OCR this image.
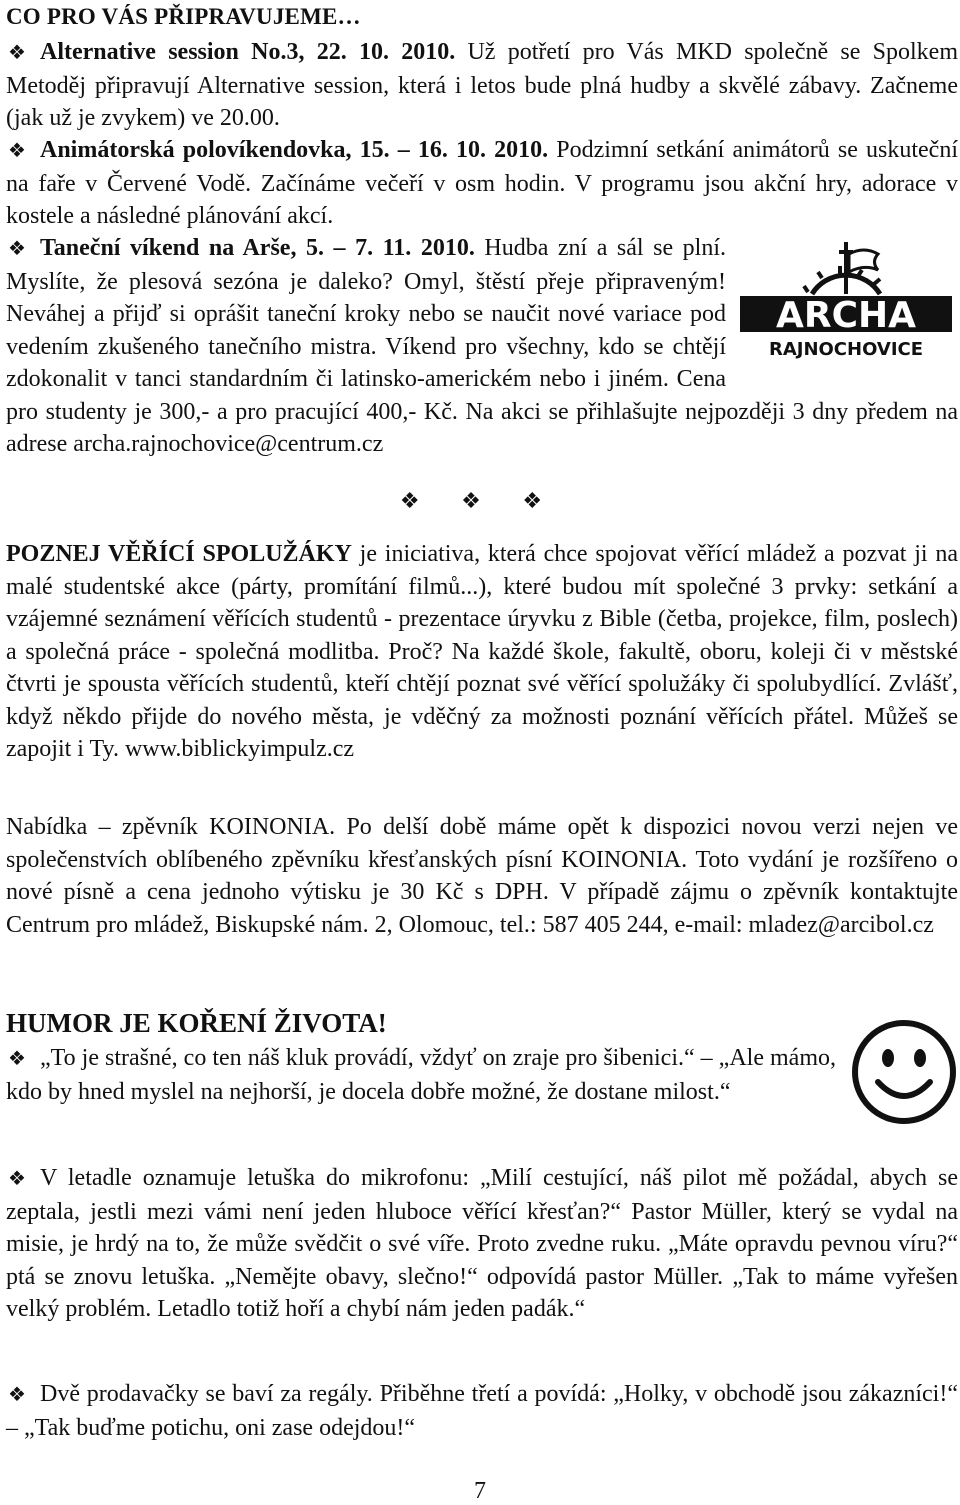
CO PRO VÁS PŘIPRAVUJEME…
❖ Alternative session No.3, 22. 10. 2010. Už potřetí pro Vás MKD společně se Spolkem Metoděj připravují Alternative session, která i letos bude plná hudby a skvělé zábavy. Začneme (jak už je zvykem) ve 20.00.
❖ Animátorská polovíkendovka, 15. – 16. 10. 2010. Podzimní setkání animátorů se uskuteční na faře v Červené Vodě. Začínáme večeří v osm hodin. V programu jsou akční hry, adorace v kostele a následné plánování akcí.
ARCHA
RAJNOCHOVICE
❖ Taneční víkend na Arše, 5. – 7. 11. 2010. Hudba zní a sál se plní. Myslíte, že plesová sezóna je daleko? Omyl, štěstí přeje připraveným! Neváhej a přijď si oprášit taneční kroky nebo se naučit nové variace pod vedením zkušeného tanečního mistra. Víkend pro všechny, kdo se chtějí zdokonalit v tanci standardním či latinsko-americkém nebo i jiném. Cena pro studenty je 300,- a pro pracující 400,- Kč. Na akci se přihlašujte nejpozději 3 dny předem na adrese archa.rajnochovice@centrum.cz
❖ ❖ ❖
POZNEJ VĚŘÍCÍ SPOLUŽÁKY je iniciativa, která chce spojovat věřící mládež a pozvat ji na malé studentské akce (párty, promítání filmů...), které budou mít společné 3 prvky: setkání a vzájemné seznámení věřících studentů - prezentace úryvku z Bible (četba, projekce, film, poslech) a společná práce - společná modlitba. Proč? Na každé škole, fakultě, oboru, koleji či v městské čtvrti je spousta věřících studentů, kteří chtějí poznat své věřící spolužáky či spolubydlící. Zvlášť, když někdo přijde do nového města, je vděčný za možnosti poznání věřících přátel. Můžeš se zapojit i Ty. www.biblickyimpulz.cz
Nabídka – zpěvník KOINONIA. Po delší době máme opět k dispozici novou verzi nejen ve společenstvích oblíbeného zpěvníku křesťanských písní KOINONIA. Toto vydání je rozšířeno o nové písně a cena jednoho výtisku je 30 Kč s DPH. V případě zájmu o zpěvník kontaktujte Centrum pro mládež, Biskupské nám. 2, Olomouc, tel.: 587 405 244, e-mail: mladez@arcibol.cz
HUMOR JE KOŘENÍ ŽIVOTA!
❖ „To je strašné, co ten náš kluk provádí, vždyť on zraje pro šibenici.“ – „Ale mámo, kdo by hned myslel na nejhorší, je docela dobře možné, že dostane milost.“
❖ V letadle oznamuje letuška do mikrofonu: „Milí cestující, náš pilot mě požádal, abych se zeptala, jestli mezi vámi není jeden hluboce věřící křesťan?“ Pastor Müller, který se vydal na misie, je hrdý na to, že může svědčit o své víře. Proto zvedne ruku. „Máte opravdu pevnou víru?“ ptá se znovu letuška. „Nemějte obavy, slečno!“ odpovídá pastor Müller. „Tak to máme vyřešen velký problém. Letadlo totiž hoří a chybí nám jeden padák.“
❖ Dvě prodavačky se baví za regály. Přiběhne třetí a povídá: „Holky, v obchodě jsou zákazníci!“ – „Tak buďme potichu, oni zase odejdou!“
7
